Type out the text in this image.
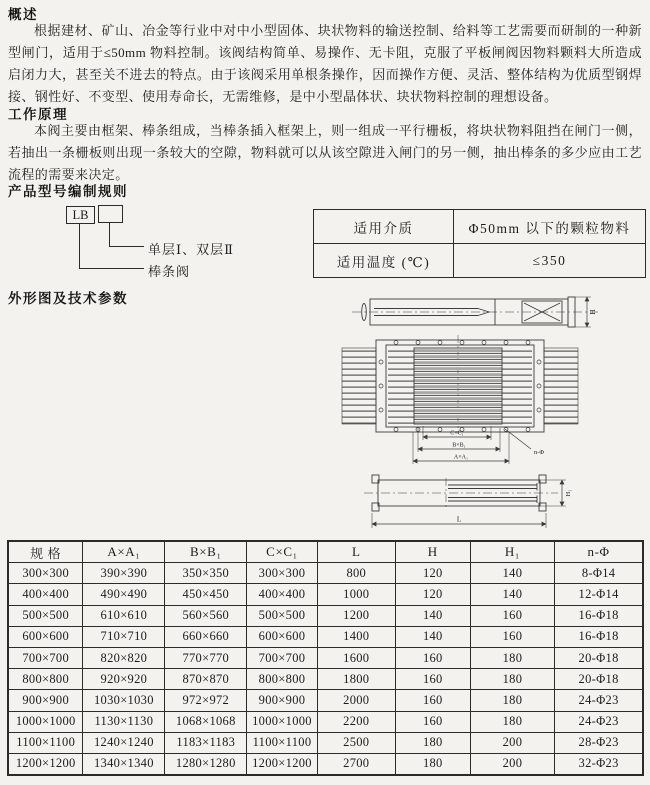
概述
根据建材、矿山、冶金等行业中对中小型固体、块状物料的输送控制、给料等工艺需要而研制的一种新型闸门，适用于≤50mm 物料控制。该阀结构简单、易操作、无卡阻，克服了平板闸阀因物料颗料大所造成启闭力大，甚至关不进去的特点。由于该阀采用单根条操作，因而操作方便、灵活、整体结构为优质型钢焊接、钢性好、不变型、使用寿命长，无需维修，是中小型晶体状、块状物料控制的理想设备。
工作原理
本阀主要由框架、棒条组成，当棒条插入框架上，则一组成一平行栅板，将块状物料阻挡在闸门一侧，若抽出一条栅板则出现一条较大的空隙，物料就可以从该空隙进入闸门的另一侧，抽出棒条的多少应由工艺流程的需要来决定。
产品型号编制规则
LB
单层Ⅰ、双层Ⅱ
棒条阀
适用介质	Φ50mm 以下的颗粒物料
适用温度 (℃)	≤350
外形图及技术参数
H
C×C₁
B×B₁
A×A₁
n-Φ
H₁
L
规 格	A×A₁	B×B₁	C×C₁	L	H	H₁	n-Φ
300×300	390×390	350×350	300×300	800	120	140	8-Φ14
400×400	490×490	450×450	400×400	1000	120	140	12-Φ14
500×500	610×610	560×560	500×500	1200	140	160	16-Φ18
600×600	710×710	660×660	600×600	1400	140	160	16-Φ18
700×700	820×820	770×770	700×700	1600	160	180	20-Φ18
800×800	920×920	870×870	800×800	1800	160	180	20-Φ18
900×900	1030×1030	972×972	900×900	2000	160	180	24-Φ23
1000×1000	1130×1130	1068×1068	1000×1000	2200	160	180	24-Φ23
1100×1100	1240×1240	1183×1183	1100×1100	2500	180	200	28-Φ23
1200×1200	1340×1340	1280×1280	1200×1200	2700	180	200	32-Φ23
